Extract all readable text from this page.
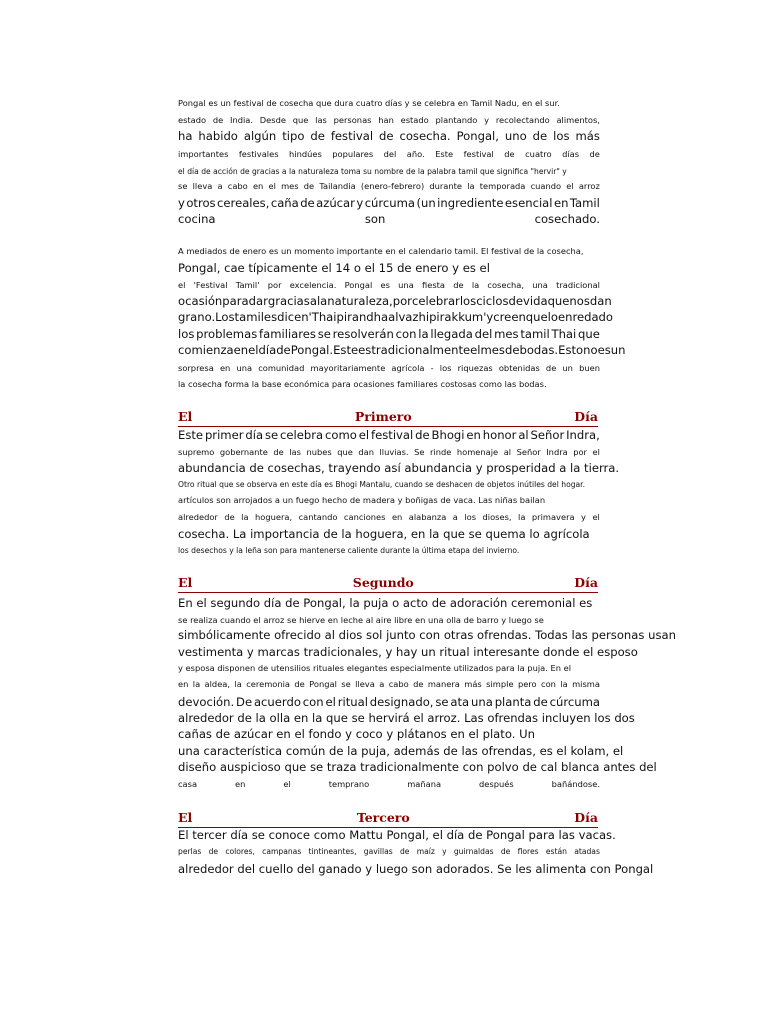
Pongal es un festival de cosecha que dura cuatro días y se celebra en Tamil Nadu, en el sur.
estado de India. Desde que las personas han estado plantando y recolectando alimentos,
ha habido algún tipo de festival de cosecha. Pongal, uno de los más
importantes festivales hindúes populares del año. Este festival de cuatro días de
el día de acción de gracias a la naturaleza toma su nombre de la palabra tamil que significa "hervir" y
se lleva a cabo en el mes de Tailandia (enero-febrero) durante la temporada cuando el arroz
y otros cereales, caña de azúcar y cúrcuma (un ingrediente esencial en Tamil
cocina	son	cosechado.
A mediados de enero es un momento importante en el calendario tamil. El festival de la cosecha,
Pongal, cae típicamente el 14 o el 15 de enero y es el
el 'Festival Tamil' por excelencia. Pongal es una fiesta de la cosecha, una tradicional
ocasión para dar gracias a la naturaleza, por celebrar los ciclos de vida que nos dan
grano. Los tamiles dicen 'Thai pirandhaal vazhi pirakkum' y creen que lo enredado
los problemas familiares se resolverán con la llegada del mes tamil Thai que
comienza en el día de Pongal. Este es tradicionalmente el mes de bodas. Esto no es un
sorpresa en una comunidad mayoritariamente agrícola - los riquezas obtenidas de un buen
la cosecha forma la base económica para ocasiones familiares costosas como las bodas.
El	Primero	Día
Este primer día se celebra como el festival de Bhogi en honor al Señor Indra,
supremo gobernante de las nubes que dan lluvias. Se rinde homenaje al Señor Indra por el
abundancia de cosechas, trayendo así abundancia y prosperidad a la tierra.
Otro ritual que se observa en este día es Bhogi Mantalu, cuando se deshacen de objetos inútiles del hogar.
artículos son arrojados a un fuego hecho de madera y boñigas de vaca. Las niñas bailan
alrededor de la hoguera, cantando canciones en alabanza a los dioses, la primavera y el
cosecha. La importancia de la hoguera, en la que se quema lo agrícola
los desechos y la leña son para mantenerse caliente durante la última etapa del invierno.
El	Segundo	Día
En el segundo día de Pongal, la puja o acto de adoración ceremonial es
se realiza cuando el arroz se hierve en leche al aire libre en una olla de barro y luego se
simbólicamente ofrecido al dios sol junto con otras ofrendas. Todas las personas usan
vestimenta y marcas tradicionales, y hay un ritual interesante donde el esposo
y esposa disponen de utensilios rituales elegantes especialmente utilizados para la puja. En el
en la aldea, la ceremonia de Pongal se lleva a cabo de manera más simple pero con la misma
devoción. De acuerdo con el ritual designado, se ata una planta de cúrcuma
alrededor de la olla en la que se hervirá el arroz. Las ofrendas incluyen los dos
cañas de azúcar en el fondo y coco y plátanos en el plato. Un
una característica común de la puja, además de las ofrendas, es el kolam, el
diseño auspicioso que se traza tradicionalmente con polvo de cal blanca antes del
casa	en	el	temprano	mañana	después	bañándose.
El	Tercero	Día
El tercer día se conoce como Mattu Pongal, el día de Pongal para las vacas.
perlas de colores, campanas tintineantes, gavillas de maíz y guirnaldas de flores están atadas
alrededor del cuello del ganado y luego son adorados. Se les alimenta con Pongal
